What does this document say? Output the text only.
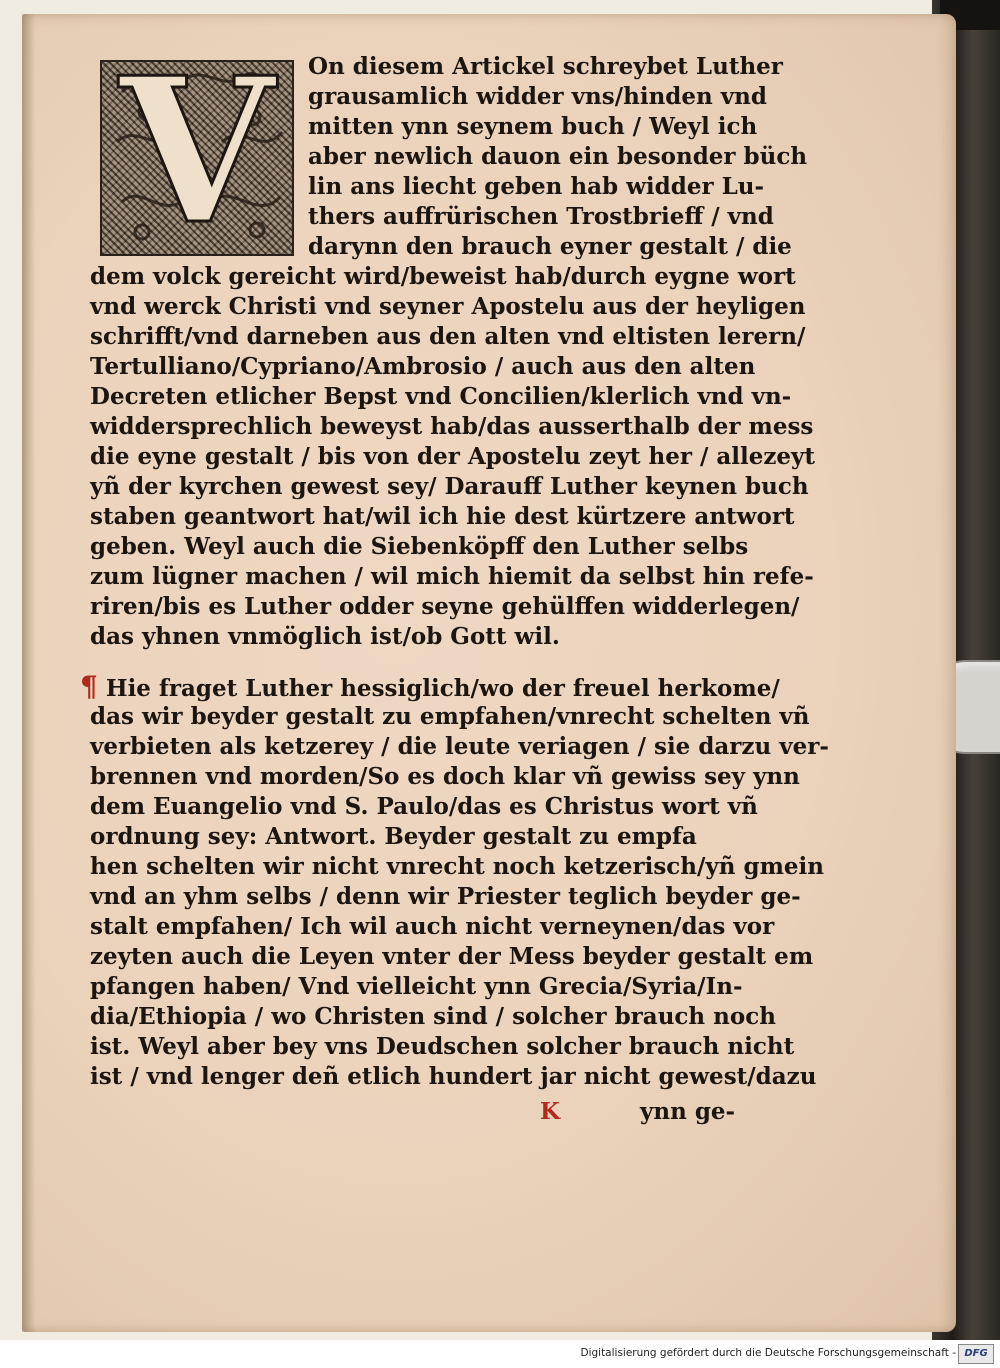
V	On diesem Artickel schreybet Luther
grausamlich widder vns/hinden vnd
mitten ynn seynem buch / Weyl ich
aber newlich dauon ein besonder büch
lin ans liecht geben hab widder Lu-
thers auffrürischen Trostbrieff / vnd
darynn den brauch eyner gestalt / die
dem volck gereicht wird/beweist hab/durch eygne wort
vnd werck Christi vnd seyner Apostelu aus der heyligen
schrifft/vnd darneben aus den alten vnd eltisten lerern/
Tertulliano/Cypriano/Ambrosio / auch aus den alten
Decreten etlicher Bepst vnd Concilien/klerlich vnd vn-
widdersprechlich beweyst hab/das ausserthalb der mess
die eyne gestalt / bis von der Apostelu zeyt her / allezeyt
yñ der kyrchen gewest sey/ Darauff Luther keynen buch
staben geantwort hat/wil ich hie dest kürtzere antwort
geben. Weyl auch die Siebenköpff den Luther selbs
zum lügner machen / wil mich hiemit da selbst hin refe-
riren/bis es Luther odder seyne gehülffen widderlegen/
das yhnen vnmöglich ist/ob Gott wil.
¶ Hie fraget Luther hessiglich/wo der freuel herkome/
das wir beyder gestalt zu empfahen/vnrecht schelten vñ
verbieten als ketzerey / die leute veriagen / sie darzu ver-
brennen vnd morden/So es doch klar vñ gewiss sey ynn
dem Euangelio vnd S. Paulo/das es Christus wort vñ
ordnung sey: Antwort. Beyder gestalt zu empfa
hen schelten wir nicht vnrecht noch ketzerisch/yñ gmein
vnd an yhm selbs / denn wir Priester teglich beyder ge-
stalt empfahen/ Ich wil auch nicht verneynen/das vor
zeyten auch die Leyen vnter der Mess beyder gestalt em
pfangen haben/ Vnd vielleicht ynn Grecia/Syria/In-
dia/Ethiopia / wo Christen sind / solcher brauch noch
ist. Weyl aber bey vns Deudschen solcher brauch nicht
ist / vnd lenger deñ etlich hundert jar nicht gewest/dazu
K	ynn ge-
Digitalisierung gefördert durch die Deutsche Forschungsgemeinschaft - DFG
